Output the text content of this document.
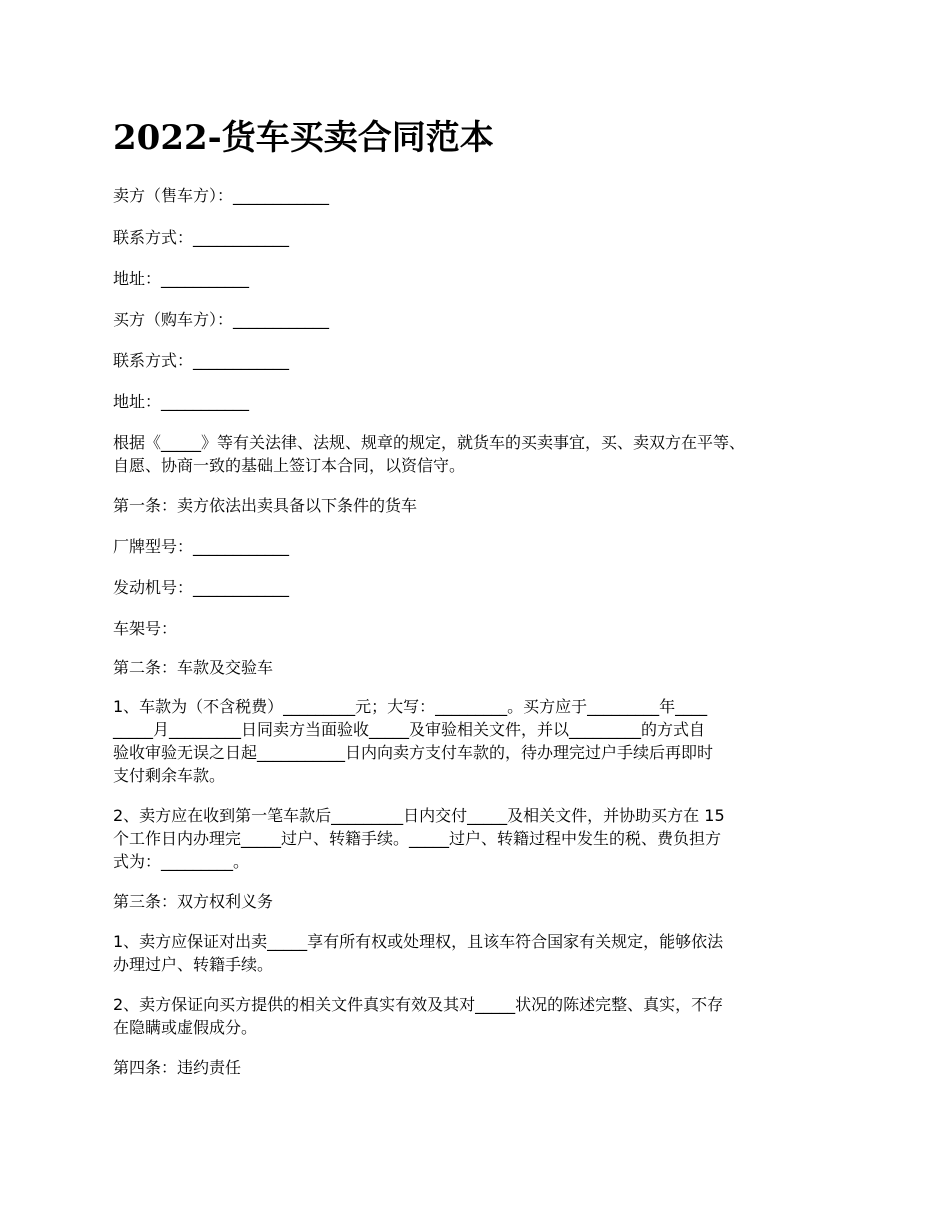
2022-货车买卖合同范本

卖方（售车方）：____________

联系方式：____________

地址：___________

买方（购车方）：____________

联系方式：____________

地址：___________

根据《_____》等有关法律、法规、规章的规定，就货车的买卖事宜，买、卖双方在平等、

自愿、协商一致的基础上签订本合同，以资信守。

第一条：卖方依法出卖具备以下条件的货车

厂牌型号：____________

发动机号：____________

车架号：

第二条：车款及交验车

1、车款为（不含税费）_________元；大写：_________。买方应于_________年____

_____月_________日同卖方当面验收_____及审验相关文件，并以_________的方式自

验收审验无误之日起___________日内向卖方支付车款的，待办理完过户手续后再即时

支付剩余车款。

2、卖方应在收到第一笔车款后_________日内交付_____及相关文件，并协助买方在 15

个工作日内办理完_____过户、转籍手续。_____过户、转籍过程中发生的税、费负担方

式为：_________。

第三条：双方权利义务

1、卖方应保证对出卖_____享有所有权或处理权，且该车符合国家有关规定，能够依法

办理过户、转籍手续。

2、卖方保证向买方提供的相关文件真实有效及其对_____状况的陈述完整、真实，不存

在隐瞒或虚假成分。

第四条：违约责任
